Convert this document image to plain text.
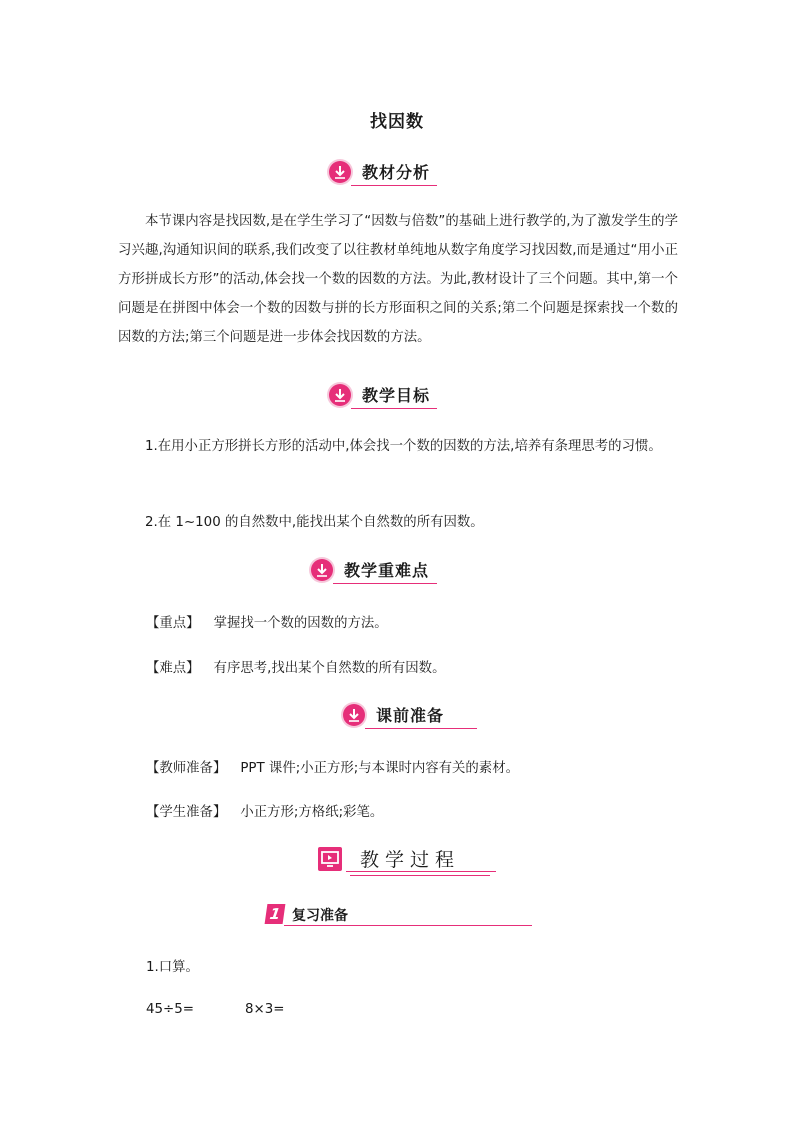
找因数
教材分析
本节课内容是找因数,是在学生学习了“因数与倍数”的基础上进行教学的,为了激发学生的学习兴趣,沟通知识间的联系,我们改变了以往教材单纯地从数字角度学习找因数,而是通过“用小正方形拼成长方形”的活动,体会找一个数的因数的方法。为此,教材设计了三个问题。其中,第一个问题是在拼图中体会一个数的因数与拼的长方形面积之间的关系;第二个问题是探索找一个数的因数的方法;第三个问题是进一步体会找因数的方法。
教学目标
1.在用小正方形拼长方形的活动中,体会找一个数的因数的方法,培养有条理思考的习惯。
2.在 1~100 的自然数中,能找出某个自然数的所有因数。
教学重难点
【重点】 掌握找一个数的因数的方法。
【难点】 有序思考,找出某个自然数的所有因数。
课前准备
【教师准备】 PPT 课件;小正方形;与本课时内容有关的素材。
【学生准备】 小正方形;方格纸;彩笔。
教学过程
1 复习准备
1.口算。
45÷5=	8×3=
